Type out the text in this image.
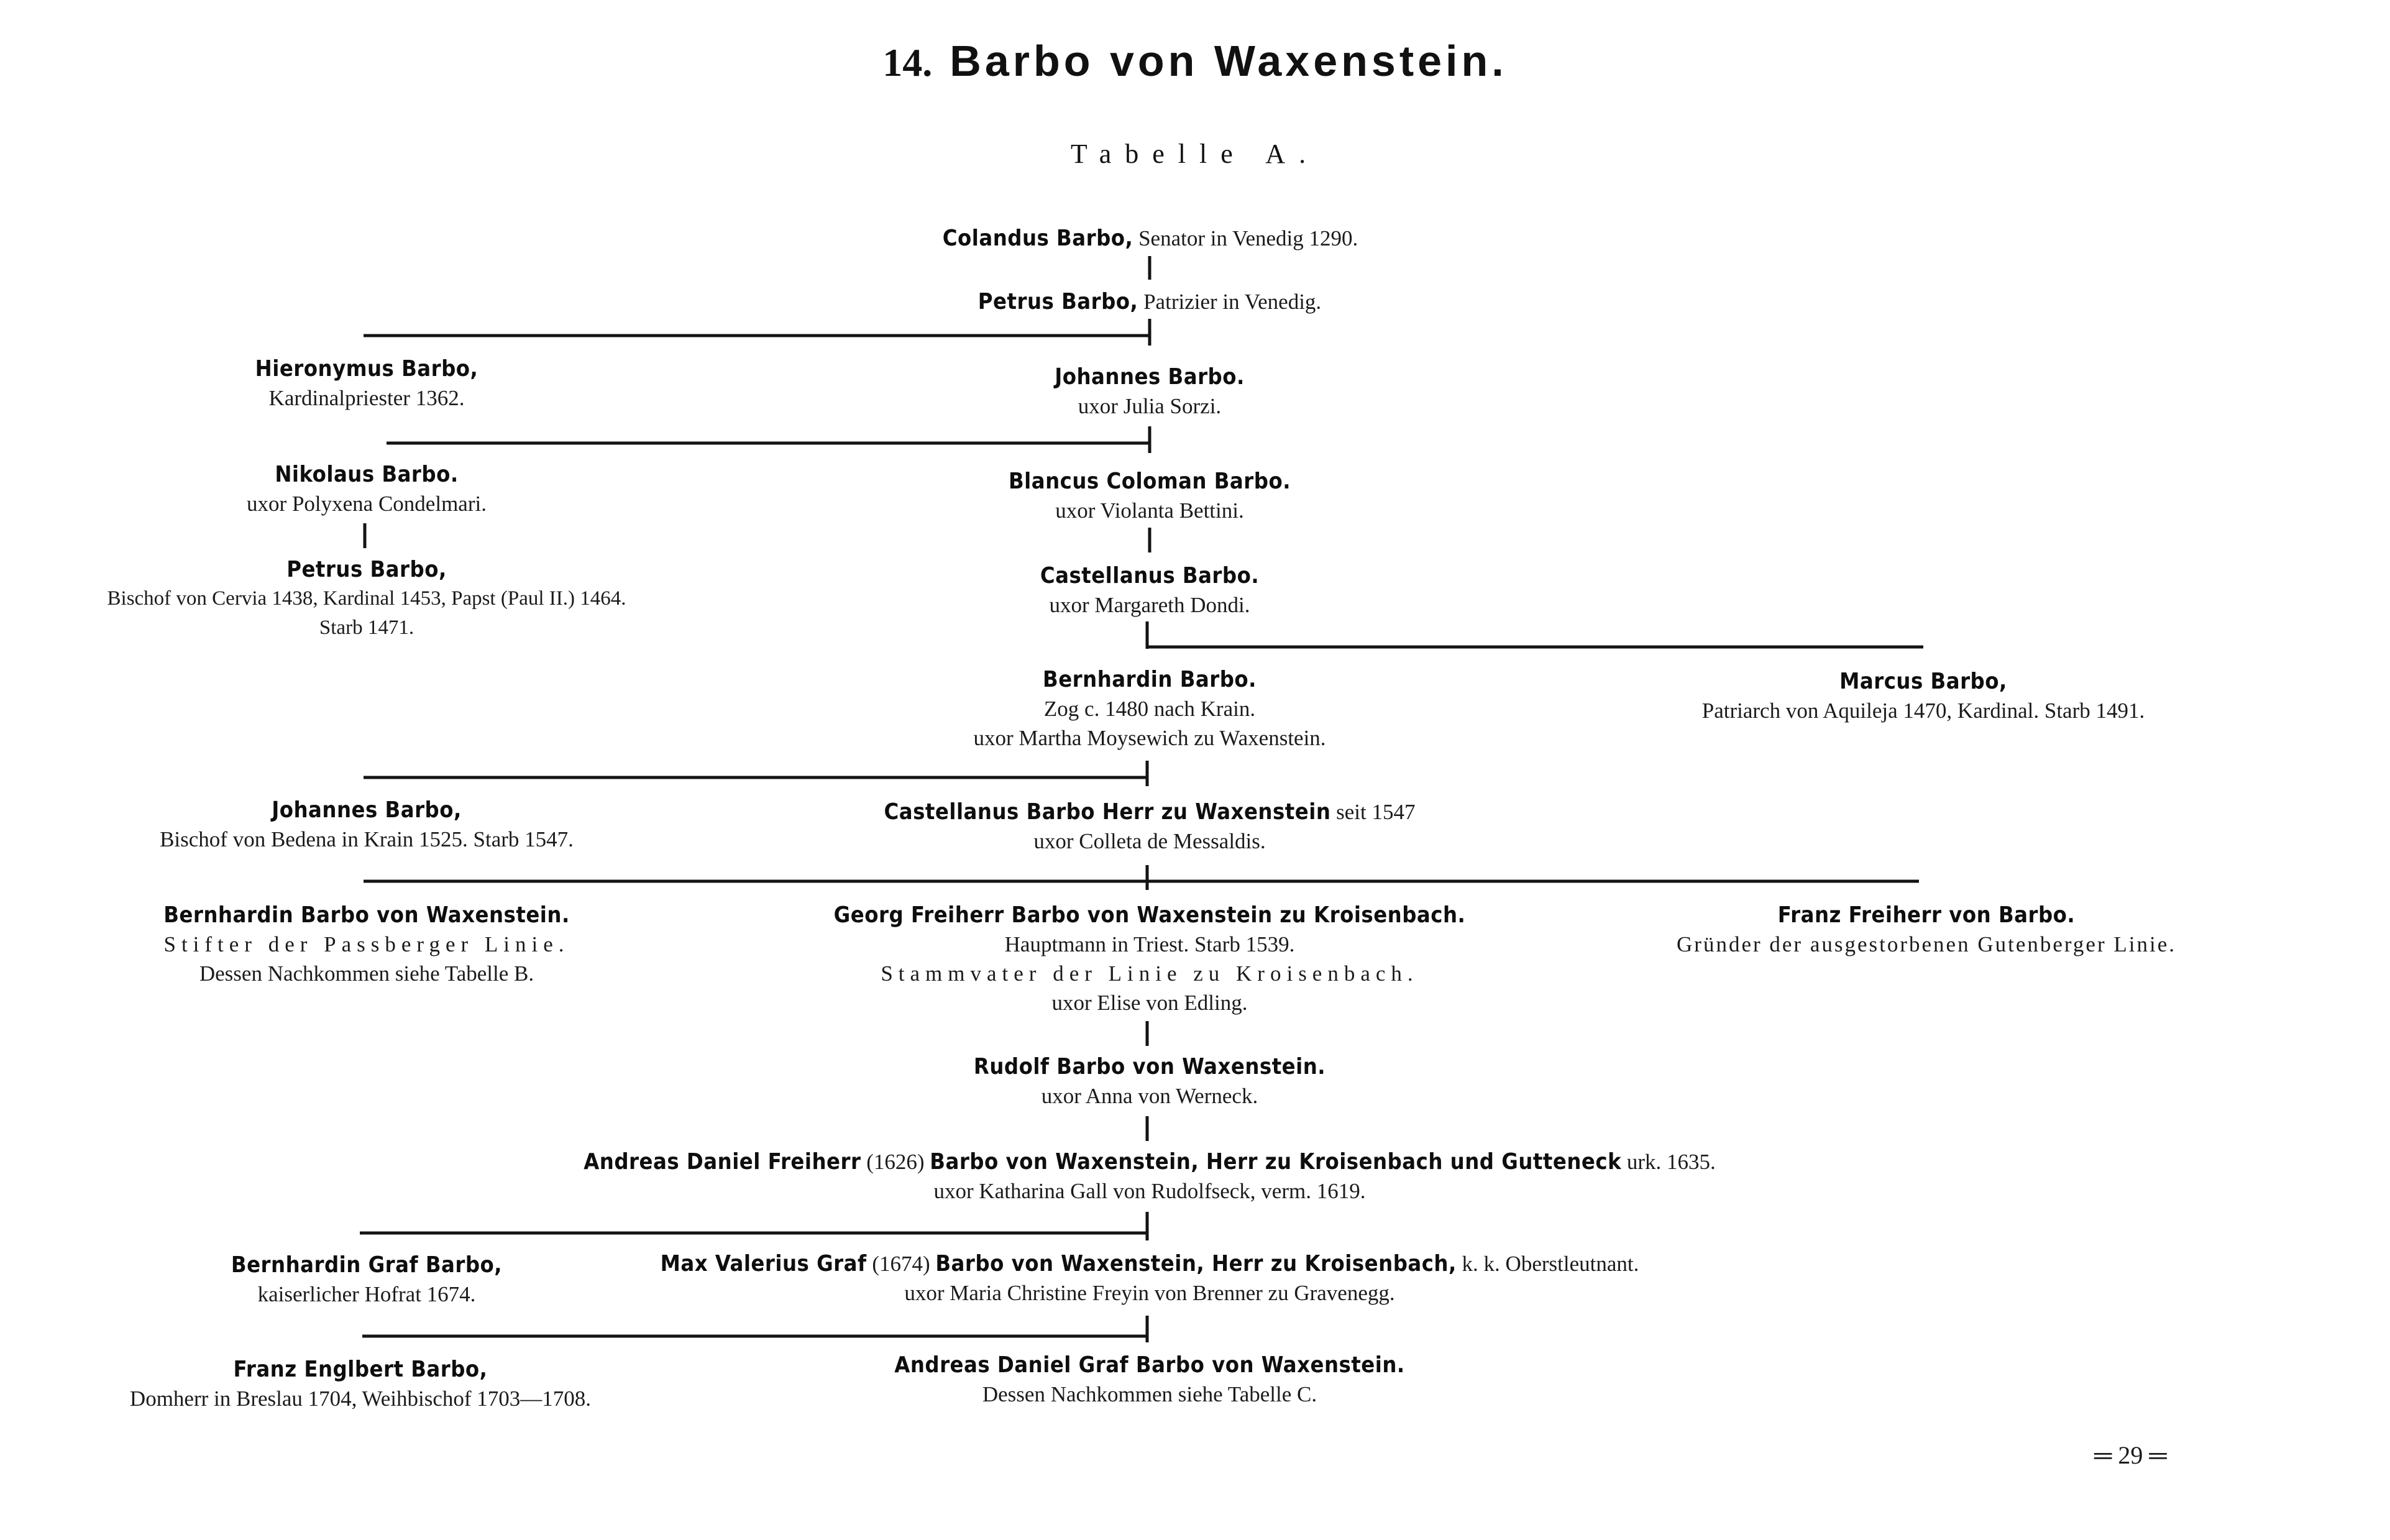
14. Barbo von Waxenstein.
Tabelle A.
Colandus Barbo, Senator in Venedig 1290.
Petrus Barbo, Patrizier in Venedig.
Hieronymus Barbo,
Kardinalpriester 1362.
Johannes Barbo.
uxor Julia Sorzi.
Nikolaus Barbo.
uxor Polyxena Condelmari.
Blancus Coloman Barbo.
uxor Violanta Bettini.
Petrus Barbo,
Bischof von Cervia 1438, Kardinal 1453, Papst (Paul II.) 1464.
Starb 1471.
Castellanus Barbo.
uxor Margareth Dondi.
Bernhardin Barbo.
Zog c. 1480 nach Krain.
uxor Martha Moysewich zu Waxenstein.
Marcus Barbo,
Patriarch von Aquileja 1470, Kardinal. Starb 1491.
Johannes Barbo,
Bischof von Bedena in Krain 1525. Starb 1547.
Castellanus Barbo Herr zu Waxenstein seit 1547
uxor Colleta de Messaldis.
Bernhardin Barbo von Waxenstein.
Stifter der Passberger Linie.
Dessen Nachkommen siehe Tabelle B.
Georg Freiherr Barbo von Waxenstein zu Kroisenbach.
Hauptmann in Triest. Starb 1539.
Stammvater der Linie zu Kroisenbach.
uxor Elise von Edling.
Franz Freiherr von Barbo.
Gründer der ausgestorbenen Gutenberger Linie.
Rudolf Barbo von Waxenstein.
uxor Anna von Werneck.
Andreas Daniel Freiherr (1626) Barbo von Waxenstein, Herr zu Kroisenbach und Gutteneck urk. 1635.
uxor Katharina Gall von Rudolfseck, verm. 1619.
Bernhardin Graf Barbo,
kaiserlicher Hofrat 1674.
Max Valerius Graf (1674) Barbo von Waxenstein, Herr zu Kroisenbach, k. k. Oberstleutnant.
uxor Maria Christine Freyin von Brenner zu Gravenegg.
Franz Englbert Barbo,
Domherr in Breslau 1704, Weihbischof 1703—1708.
Andreas Daniel Graf Barbo von Waxenstein.
Dessen Nachkommen siehe Tabelle C.
═ 29 ═
